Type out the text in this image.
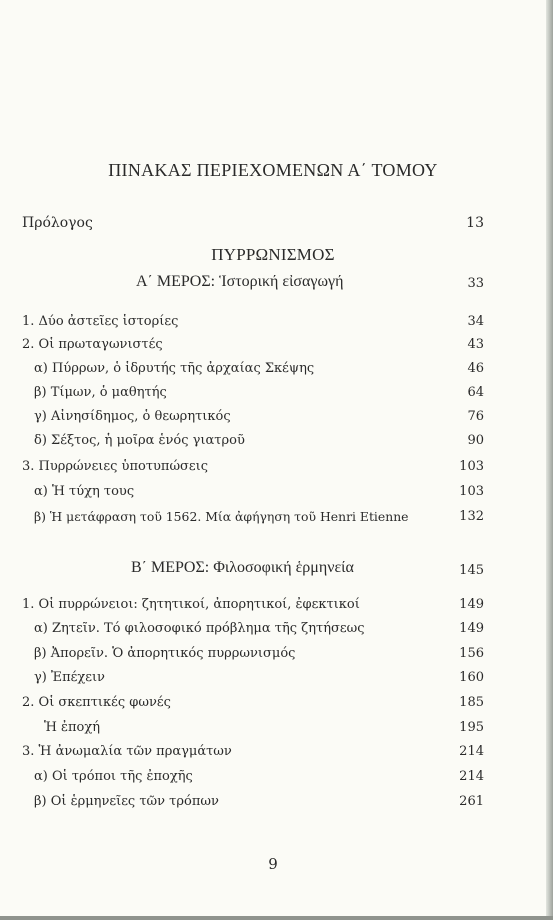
ΠΙΝΑΚΑΣ ΠΕΡΙΕΧΟΜΕΝΩΝ Α΄ ΤΟΜΟΥ
Πρόλογος	13
ΠΥΡΡΩΝΙΣΜΟΣ
Α΄ ΜΕΡΟΣ: Ἱστορική εἰσαγωγή	33
1. Δύο ἀστεῖες ἱστορίες	34
2. Οἱ πρωταγωνιστές	43
α) Πύρρων, ὁ ἱδρυτής τῆς ἀρχαίας Σκέψης	46
β) Τίμων, ὁ μαθητής	64
γ) Αἰνησίδημος, ὁ θεωρητικός	76
δ) Σέξτος, ἡ μοῖρα ἑνός γιατροῦ	90
3. Πυρρώνειες ὑποτυπώσεις	103
α) Ἡ τύχη τους	103
β) Ἡ μετάφραση τοῦ 1562. Μία ἀφήγηση τοῦ Henri Etienne	132
Β΄ ΜΕΡΟΣ: Φιλοσοφική ἑρμηνεία	145
1. Οἱ πυρρώνειοι: ζητητικοί, ἀπορητικοί, ἐφεκτικοί	149
α) Ζητεῖν. Τό φιλοσοφικό πρόβλημα τῆς ζητήσεως	149
β) Ἀπορεῖν. Ὁ ἀπορητικός πυρρωνισμός	156
γ) Ἐπέχειν	160
2. Οἱ σκεπτικές φωνές	185
Ἡ ἐποχή	195
3. Ἡ ἀνωμαλία τῶν πραγμάτων	214
α) Οἱ τρόποι τῆς ἐποχῆς	214
β) Οἱ ἑρμηνεῖες τῶν τρόπων	261
9
